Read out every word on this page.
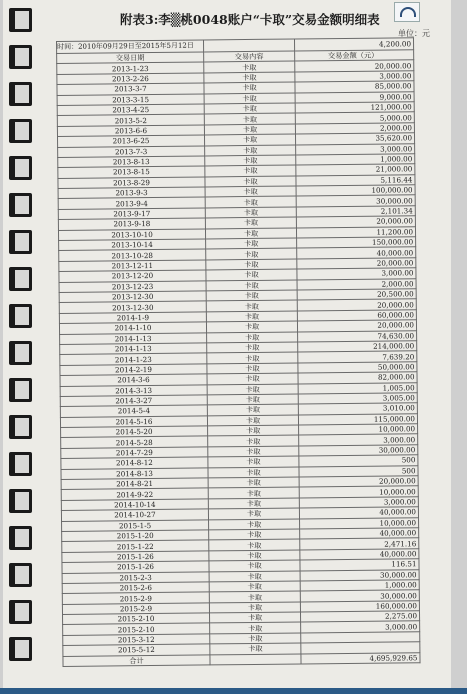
附表3:李▒桃0048账户“卡取”交易金额明细表
单位：元
时间：2010年09月29日至2015年5月12日		4,200.00
交易日期	交易内容	交易金额（元）
2013-1-23	卡取	20,000.00
2013-2-26	卡取	3,000.00
2013-3-7	卡取	85,000.00
2013-3-15	卡取	9,000.00
2013-4-25	卡取	121,000.00
2013-5-2	卡取	5,000.00
2013-6-6	卡取	2,000.00
2013-6-25	卡取	35,620.00
2013-7-3	卡取	3,000.00
2013-8-13	卡取	1,000.00
2013-8-15	卡取	21,000.00
2013-8-29	卡取	5,116.44
2013-9-3	卡取	100,000.00
2013-9-4	卡取	30,000.00
2013-9-17	卡取	2,101.34
2013-9-18	卡取	20,000.00
2013-10-10	卡取	11,200.00
2013-10-14	卡取	150,000.00
2013-10-28	卡取	40,000.00
2013-12-11	卡取	20,000.00
2013-12-20	卡取	3,000.00
2013-12-23	卡取	2,000.00
2013-12-30	卡取	20,500.00
2013-12-30	卡取	20,000.00
2014-1-9	卡取	60,000.00
2014-1-10	卡取	20,000.00
2014-1-13	卡取	74,630.00
2014-1-13	卡取	214,000.00
2014-1-23	卡取	7,639.20
2014-2-19	卡取	50,000.00
2014-3-6	卡取	82,000.00
2014-3-13	卡取	1,005.00
2014-3-27	卡取	3,005.00
2014-5-4	卡取	3,010.00
2014-5-16	卡取	115,000.00
2014-5-20	卡取	10,000.00
2014-5-28	卡取	3,000.00
2014-7-29	卡取	30,000.00
2014-8-12	卡取	500
2014-8-13	卡取	500
2014-8-21	卡取	20,000.00
2014-9-22	卡取	10,000.00
2014-10-14	卡取	3,000.00
2014-10-27	卡取	40,000.00
2015-1-5	卡取	10,000.00
2015-1-20	卡取	40,000.00
2015-1-22	卡取	2,471.16
2015-1-26	卡取	40,000.00
2015-1-26	卡取	116.51
2015-2-3	卡取	30,000.00
2015-2-6	卡取	1,000.00
2015-2-9	卡取	30,000.00
2015-2-9	卡取	160,000.00
2015-2-10	卡取	2,275.00
2015-2-10	卡取	3,000.00
2015-3-12	卡取	
2015-5-12	卡取	
合计		4,695,929.65
